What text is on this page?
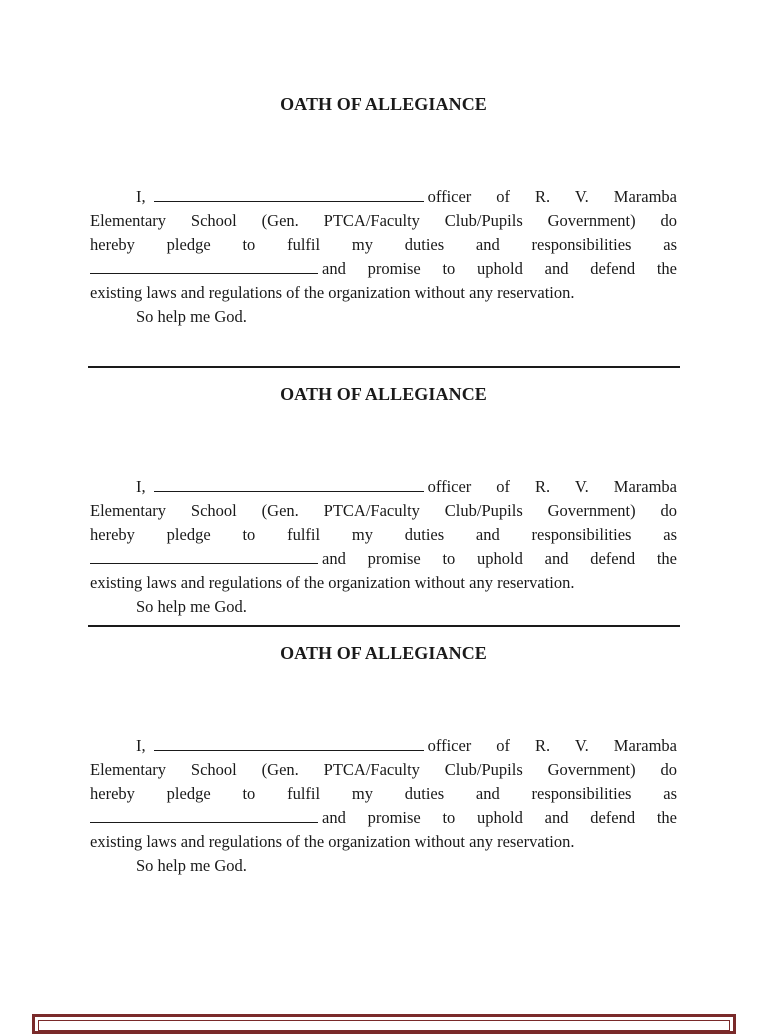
OATH OF ALLEGIANCE

I,	officer of R. V. Maramba

Elementary School (Gen. PTCA/Faculty Club/Pupils Government) do

hereby pledge to fulfil my duties and responsibilities as

and promise to uphold and defend the

existing laws and regulations of the organization without any reservation.

So help me God.

OATH OF ALLEGIANCE

I,	officer of R. V. Maramba

Elementary School (Gen. PTCA/Faculty Club/Pupils Government) do

hereby pledge to fulfil my duties and responsibilities as

and promise to uphold and defend the

existing laws and regulations of the organization without any reservation.

So help me God.

OATH OF ALLEGIANCE

I,	officer of R. V. Maramba

Elementary School (Gen. PTCA/Faculty Club/Pupils Government) do

hereby pledge to fulfil my duties and responsibilities as

and promise to uphold and defend the

existing laws and regulations of the organization without any reservation.

So help me God.
